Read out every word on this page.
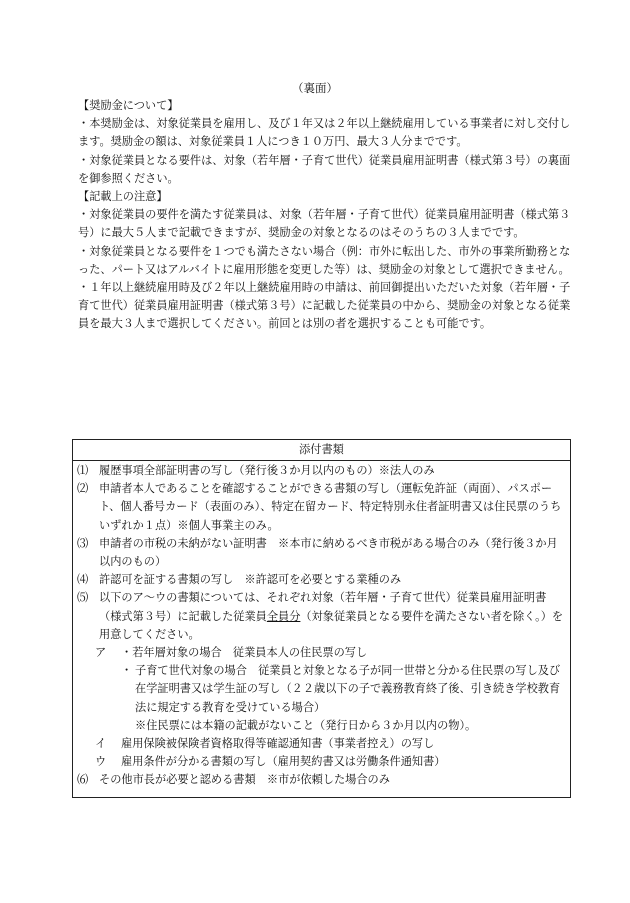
（裏面）

【奨励金について】

・本奨励金は、対象従業員を雇用し、及び１年又は２年以上継続雇用している事業者に対し交付します。奨励金の額は、対象従業員１人につき１０万円、最大３人分までです。

・対象従業員となる要件は、対象（若年層・子育て世代）従業員雇用証明書（様式第３号）の裏面を御参照ください。

【記載上の注意】

・対象従業員の要件を満たす従業員は、対象（若年層・子育て世代）従業員雇用証明書（様式第３号）に最大５人まで記載できますが、奨励金の対象となるのはそのうちの３人までです。

・対象従業員となる要件を１つでも満たさない場合（例：市外に転出した、市外の事業所勤務となった、パート又はアルバイトに雇用形態を変更した等）は、奨励金の対象として選択できません。

・１年以上継続雇用時及び２年以上継続雇用時の申請は、前回御提出いただいた対象（若年層・子育て世代）従業員雇用証明書（様式第３号）に記載した従業員の中から、奨励金の対象となる従業員を最大３人まで選択してください。前回とは別の者を選択することも可能です。

添付書類
⑴ 履歴事項全部証明書の写し（発行後３か月以内のもの）※法人のみ
⑵ 申請者本人であることを確認することができる書類の写し（運転免許証（両面）、パスポート、個人番号カード（表面のみ）、特定在留カード、特定特別永住者証明書又は住民票のうちいずれか１点）※個人事業主のみ。
⑶ 申請者の市税の未納がない証明書　※本市に納めるべき市税がある場合のみ（発行後３か月以内のもの）
⑷ 許認可を証する書類の写し　※許認可を必要とする業種のみ
⑸ 以下のア～ウの書類については、それぞれ対象（若年層・子育て世代）従業員雇用証明書（様式第３号）に記載した従業員全員分（対象従業員となる要件を満たさない者を除く。）を用意してください。
ア	・若年層対象の場合　従業員本人の住民票の写し
・ 子育て世代対象の場合　従業員と対象となる子が同一世帯と分かる住民票の写し及び在学証明書又は学生証の写し（２２歳以下の子で義務教育終了後、引き続き学校教育法に規定する教育を受けている場合）
※住民票には本籍の記載がないこと（発行日から３か月以内の物）。
イ	雇用保険被保険者資格取得等確認通知書（事業者控え）の写し
ウ	雇用条件が分かる書類の写し（雇用契約書又は労働条件通知書）
⑹ その他市長が必要と認める書類　※市が依頼した場合のみ
